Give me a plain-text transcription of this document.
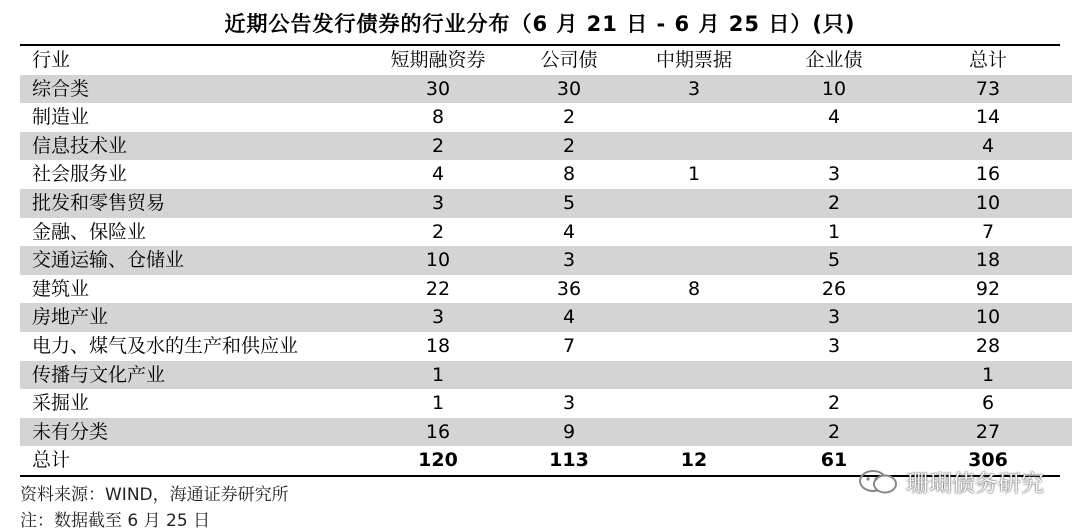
近期公告发行债券的行业分布（6 月 21 日 - 6 月 25 日）(只)
行业	短期融资券	公司债	中期票据	企业债	总计
综合类	30	30	3	10	73
制造业	8	2		4	14
信息技术业	2	2			4
社会服务业	4	8	1	3	16
批发和零售贸易	3	5		2	10
金融、保险业	2	4		1	7
交通运输、仓储业	10	3		5	18
建筑业	22	36	8	26	92
房地产业	3	4		3	10
电力、煤气及水的生产和供应业	18	7		3	28
传播与文化产业	1				1
采掘业	1	3		2	6
未有分类	16	9		2	27
总计	120	113	12	61	306
资料来源：WIND，海通证券研究所
注：数据截至 6 月 25 日
珊瑚债务研究
